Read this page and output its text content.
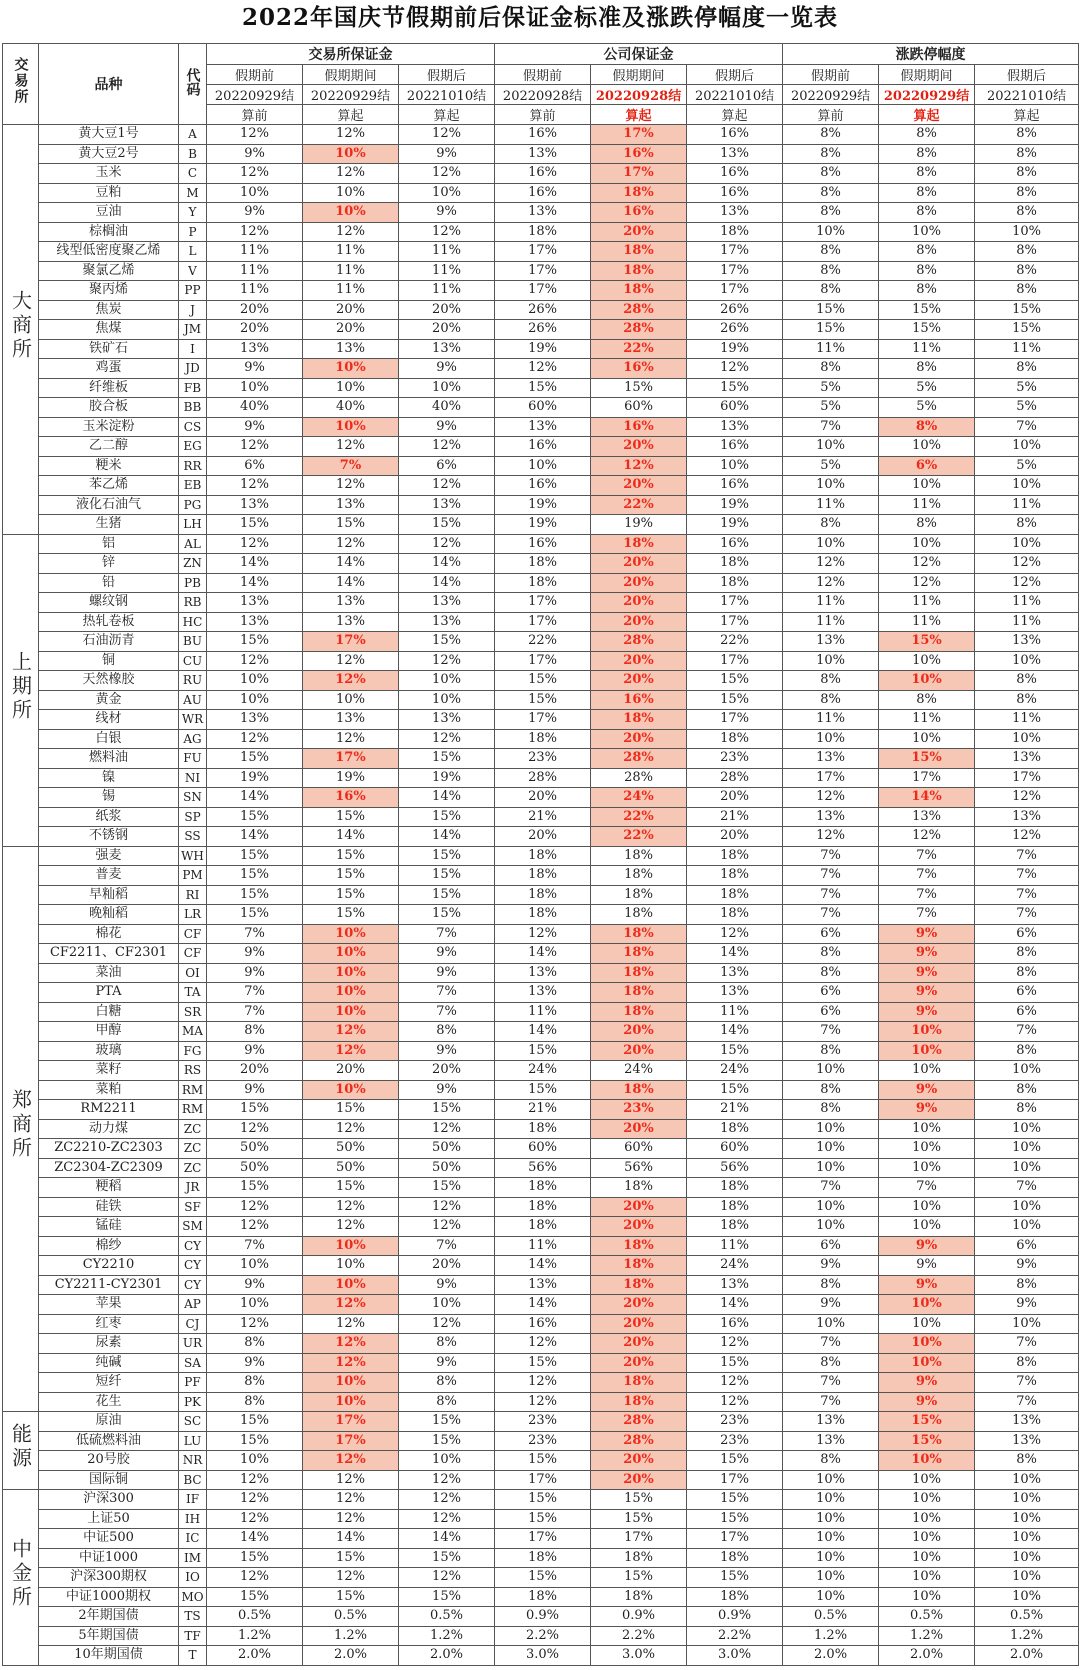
2022年国庆节假期前后保证金标准及涨跌停幅度一览表
交易所	品种	代码	交易所保证金			公司保证金			涨跌停幅度		
			假期前	假期期间	假期后	假期前	假期期间	假期后	假期前	假期期间	假期后
			20220929结	20220929结	20221010结	20220928结	20220928结	20221010结	20220929结	20220929结	20221010结
			算前	算起	算起	算前	算起	算起	算前	算起	算起
大商所	黄大豆1号	A	12%	12%	12%	16%	17%	16%	8%	8%	8%
	黄大豆2号	B	9%	10%	9%	13%	16%	13%	8%	8%	8%
	玉米	C	12%	12%	12%	16%	17%	16%	8%	8%	8%
	豆粕	M	10%	10%	10%	16%	18%	16%	8%	8%	8%
	豆油	Y	9%	10%	9%	13%	16%	13%	8%	8%	8%
	棕榈油	P	12%	12%	12%	18%	20%	18%	10%	10%	10%
	线型低密度聚乙烯	L	11%	11%	11%	17%	18%	17%	8%	8%	8%
	聚氯乙烯	V	11%	11%	11%	17%	18%	17%	8%	8%	8%
	聚丙烯	PP	11%	11%	11%	17%	18%	17%	8%	8%	8%
	焦炭	J	20%	20%	20%	26%	28%	26%	15%	15%	15%
	焦煤	JM	20%	20%	20%	26%	28%	26%	15%	15%	15%
	铁矿石	I	13%	13%	13%	19%	22%	19%	11%	11%	11%
	鸡蛋	JD	9%	10%	9%	12%	16%	12%	8%	8%	8%
	纤维板	FB	10%	10%	10%	15%	15%	15%	5%	5%	5%
	胶合板	BB	40%	40%	40%	60%	60%	60%	5%	5%	5%
	玉米淀粉	CS	9%	10%	9%	13%	16%	13%	7%	8%	7%
	乙二醇	EG	12%	12%	12%	16%	20%	16%	10%	10%	10%
	粳米	RR	6%	7%	6%	10%	12%	10%	5%	6%	5%
	苯乙烯	EB	12%	12%	12%	16%	20%	16%	10%	10%	10%
	液化石油气	PG	13%	13%	13%	19%	22%	19%	11%	11%	11%
	生猪	LH	15%	15%	15%	19%	19%	19%	8%	8%	8%
上期所	铝	AL	12%	12%	12%	16%	18%	16%	10%	10%	10%
	锌	ZN	14%	14%	14%	18%	20%	18%	12%	12%	12%
	铅	PB	14%	14%	14%	18%	20%	18%	12%	12%	12%
	螺纹钢	RB	13%	13%	13%	17%	20%	17%	11%	11%	11%
	热轧卷板	HC	13%	13%	13%	17%	20%	17%	11%	11%	11%
	石油沥青	BU	15%	17%	15%	22%	28%	22%	13%	15%	13%
	铜	CU	12%	12%	12%	17%	20%	17%	10%	10%	10%
	天然橡胶	RU	10%	12%	10%	15%	20%	15%	8%	10%	8%
	黄金	AU	10%	10%	10%	15%	16%	15%	8%	8%	8%
	线材	WR	13%	13%	13%	17%	18%	17%	11%	11%	11%
	白银	AG	12%	12%	12%	18%	20%	18%	10%	10%	10%
	燃料油	FU	15%	17%	15%	23%	28%	23%	13%	15%	13%
	镍	NI	19%	19%	19%	28%	28%	28%	17%	17%	17%
	锡	SN	14%	16%	14%	20%	24%	20%	12%	14%	12%
	纸浆	SP	15%	15%	15%	21%	22%	21%	13%	13%	13%
	不锈钢	SS	14%	14%	14%	20%	22%	20%	12%	12%	12%
郑商所	强麦	WH	15%	15%	15%	18%	18%	18%	7%	7%	7%
	普麦	PM	15%	15%	15%	18%	18%	18%	7%	7%	7%
	早籼稻	RI	15%	15%	15%	18%	18%	18%	7%	7%	7%
	晚籼稻	LR	15%	15%	15%	18%	18%	18%	7%	7%	7%
	棉花	CF	7%	10%	7%	12%	18%	12%	6%	9%	6%
	CF2211、CF2301	CF	9%	10%	9%	14%	18%	14%	8%	9%	8%
	菜油	OI	9%	10%	9%	13%	18%	13%	8%	9%	8%
	PTA	TA	7%	10%	7%	13%	18%	13%	6%	9%	6%
	白糖	SR	7%	10%	7%	11%	18%	11%	6%	9%	6%
	甲醇	MA	8%	12%	8%	14%	20%	14%	7%	10%	7%
	玻璃	FG	9%	12%	9%	15%	20%	15%	8%	10%	8%
	菜籽	RS	20%	20%	20%	24%	24%	24%	10%	10%	10%
	菜粕	RM	9%	10%	9%	15%	18%	15%	8%	9%	8%
	RM2211	RM	15%	15%	15%	21%	23%	21%	8%	9%	8%
	动力煤	ZC	12%	12%	12%	18%	20%	18%	10%	10%	10%
	ZC2210-ZC2303	ZC	50%	50%	50%	60%	60%	60%	10%	10%	10%
	ZC2304-ZC2309	ZC	50%	50%	50%	56%	56%	56%	10%	10%	10%
	粳稻	JR	15%	15%	15%	18%	18%	18%	7%	7%	7%
	硅铁	SF	12%	12%	12%	18%	20%	18%	10%	10%	10%
	锰硅	SM	12%	12%	12%	18%	20%	18%	10%	10%	10%
	棉纱	CY	7%	10%	7%	11%	18%	11%	6%	9%	6%
	CY2210	CY	10%	10%	20%	14%	18%	24%	9%	9%	9%
	CY2211-CY2301	CY	9%	10%	9%	13%	18%	13%	8%	9%	8%
	苹果	AP	10%	12%	10%	14%	20%	14%	9%	10%	9%
	红枣	CJ	12%	12%	12%	16%	20%	16%	10%	10%	10%
	尿素	UR	8%	12%	8%	12%	20%	12%	7%	10%	7%
	纯碱	SA	9%	12%	9%	15%	20%	15%	8%	10%	8%
	短纤	PF	8%	10%	8%	12%	18%	12%	7%	9%	7%
	花生	PK	8%	10%	8%	12%	18%	12%	7%	9%	7%
能源	原油	SC	15%	17%	15%	23%	28%	23%	13%	15%	13%
	低硫燃料油	LU	15%	17%	15%	23%	28%	23%	13%	15%	13%
	20号胶	NR	10%	12%	10%	15%	20%	15%	8%	10%	8%
	国际铜	BC	12%	12%	12%	17%	20%	17%	10%	10%	10%
中金所	沪深300	IF	12%	12%	12%	15%	15%	15%	10%	10%	10%
	上证50	IH	12%	12%	12%	15%	15%	15%	10%	10%	10%
	中证500	IC	14%	14%	14%	17%	17%	17%	10%	10%	10%
	中证1000	IM	15%	15%	15%	18%	18%	18%	10%	10%	10%
	沪深300期权	IO	12%	12%	12%	15%	15%	15%	10%	10%	10%
	中证1000期权	MO	15%	15%	15%	18%	18%	18%	10%	10%	10%
	2年期国债	TS	0.5%	0.5%	0.5%	0.9%	0.9%	0.9%	0.5%	0.5%	0.5%
	5年期国债	TF	1.2%	1.2%	1.2%	2.2%	2.2%	2.2%	1.2%	1.2%	1.2%
	10年期国债	T	2.0%	2.0%	2.0%	3.0%	3.0%	3.0%	2.0%	2.0%	2.0%
